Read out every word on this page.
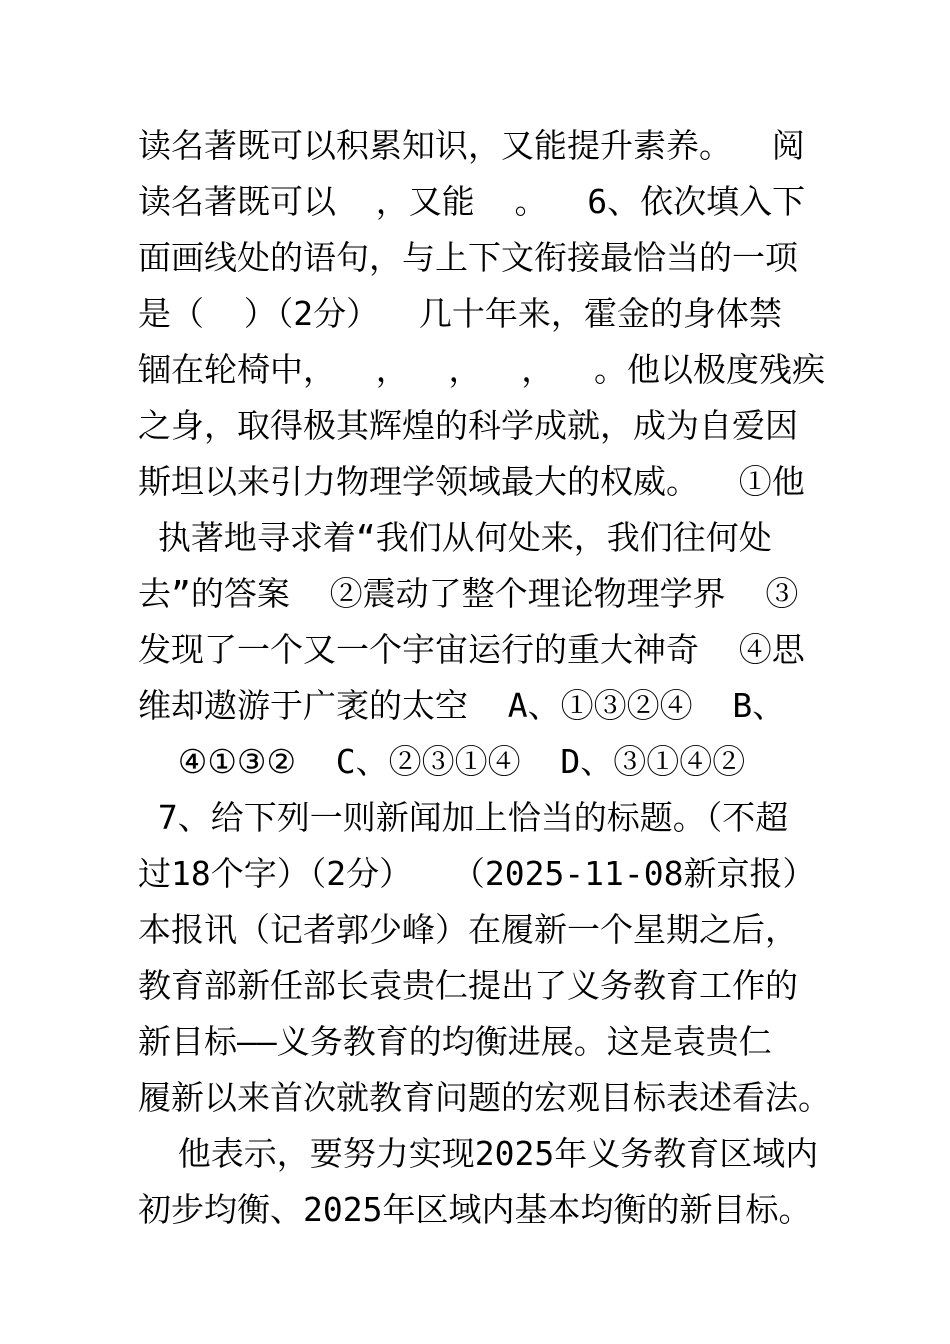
读名著既可以积累知识，又能提升素养。  阅
读名著既可以  ，又能  。  6、依次填入下
面画线处的语句，与上下文衔接最恰当的一项
是（  ）（2分）  几十年来，霍金的身体禁
锢在轮椅中，  ，  ，  ，  。他以极度残疾
之身，取得极其辉煌的科学成就，成为自爱因
斯坦以来引力物理学领域最大的权威。  ①他
执著地寻求着“我们从何处来，我们往何处
去”的答案  ②震动了整个理论物理学界  ③
发现了一个又一个宇宙运行的重大神奇  ④思
维却遨游于广袤的太空  A、①③②④  B、
④①③②  C、②③①④  D、③①④②
7、给下列一则新闻加上恰当的标题。（不超
过18个字）（2分）  （2025-11-08新京报）
本报讯（记者郭少峰）在履新一个星期之后，
教育部新任部长袁贵仁提出了义务教育工作的
新目标——义务教育的均衡进展。这是袁贵仁
履新以来首次就教育问题的宏观目标表述看法。
他表示，要努力实现2025年义务教育区域内
初步均衡、2025年区域内基本均衡的新目标。
